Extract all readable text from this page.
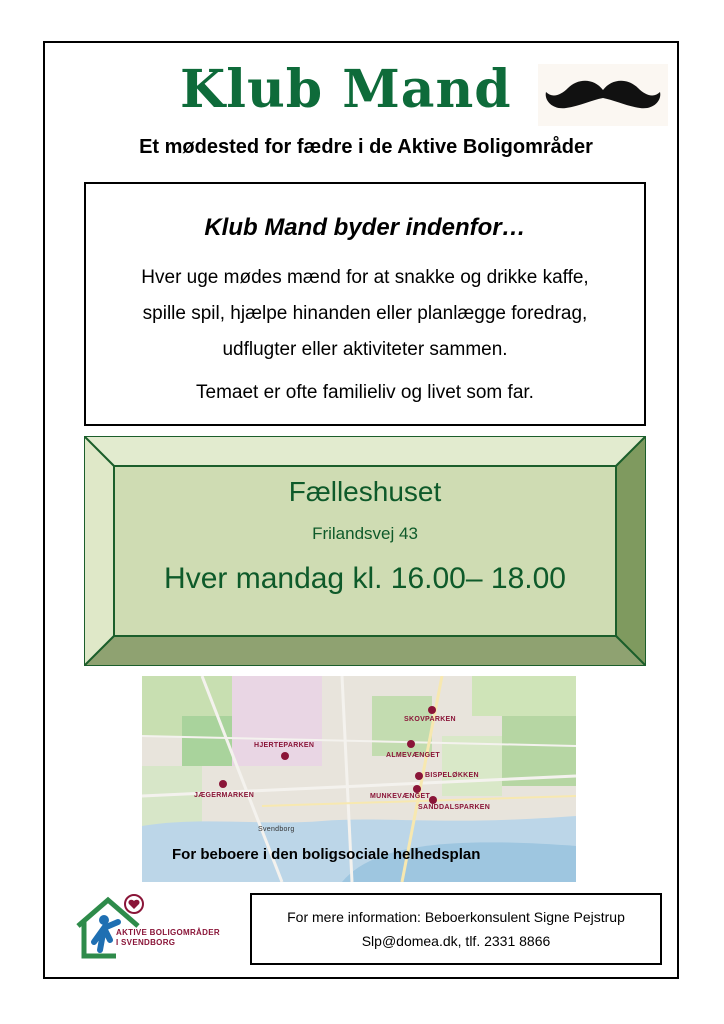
Klub Mand
Et mødested for fædre i de Aktive Boligområder
Klub Mand byder indenfor…
Hver uge mødes mænd for at snakke og drikke kaffe,
spille spil, hjælpe hinanden eller planlægge foredrag,
udflugter eller aktiviteter sammen.
Temaet er ofte familieliv og livet som far.
Fælleshuset
Frilandsvej 43
Hver mandag kl. 16.00– 18.00
SKOVPARKEN
HJERTEPARKEN
ALMEVÆNGET
BISPELØKKEN
JÆGERMARKEN	MUNKEVÆNGET
SANDDALSPARKEN
Svendborg
For beboere i den boligsociale helhedsplan
AKTIVE BOLIGOMRÅDER
I SVENDBORG
For mere information: Beboerkonsulent Signe Pejstrup
Slp@domea.dk, tlf. 2331 8866
